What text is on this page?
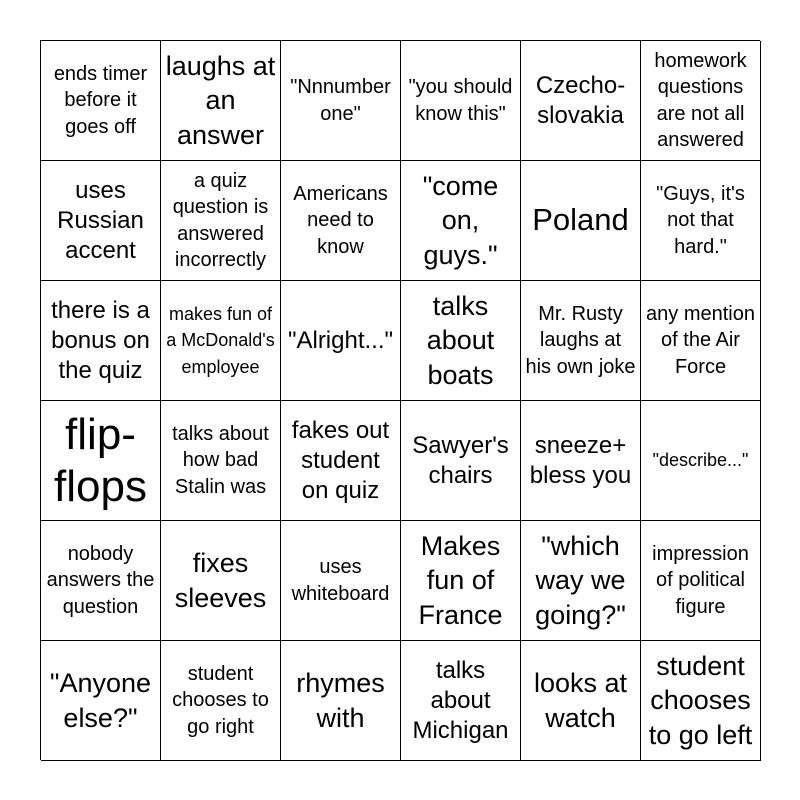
ends timer before it goes off
laughs at an answer
"Nnnumber one"
"you should know this"
Czecho-slovakia
homework questions are not all answered
uses Russian accent
a quiz question is answered incorrectly
Americans need to know
"come on, guys."
Poland
"Guys, it's not that hard."
there is a bonus on the quiz
makes fun of a McDonald's employee
"Alright..."
talks about boats
Mr. Rusty laughs at his own joke
any mention of the Air Force
flip-flops
talks about how bad Stalin was
fakes out student on quiz
Sawyer's chairs
sneeze+ bless you
"describe..."
nobody answers the question
fixes sleeves
uses whiteboard
Makes fun of France
"which way we going?"
impression of political figure
"Anyone else?"
student chooses to go right
rhymes with
talks about Michigan
looks at watch
student chooses to go left
